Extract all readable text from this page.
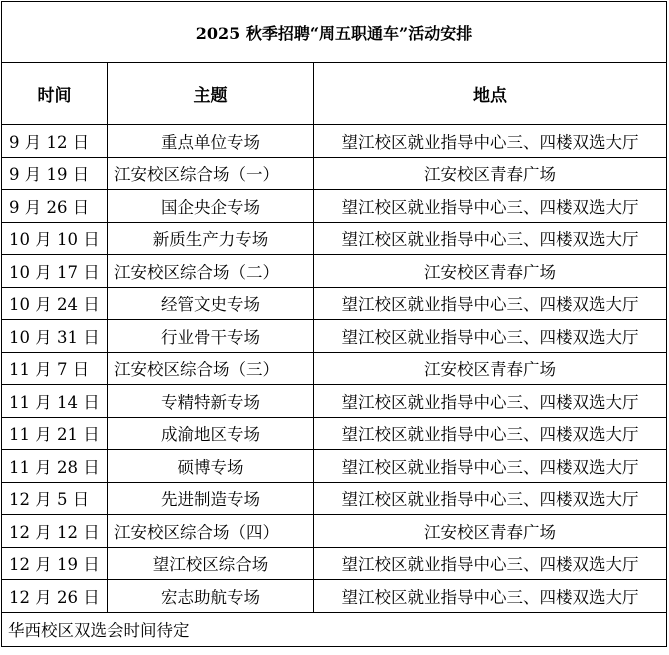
2025 秋季招聘“周五职通车”活动安排		
时间	主题	地点
9 月 12 日	重点单位专场	望江校区就业指导中心三、四楼双选大厅
9 月 19 日	江安校区综合场（一）	江安校区青春广场
9 月 26 日	国企央企专场	望江校区就业指导中心三、四楼双选大厅
10 月 10 日	新质生产力专场	望江校区就业指导中心三、四楼双选大厅
10 月 17 日	江安校区综合场（二）	江安校区青春广场
10 月 24 日	经管文史专场	望江校区就业指导中心三、四楼双选大厅
10 月 31 日	行业骨干专场	望江校区就业指导中心三、四楼双选大厅
11 月 7 日	江安校区综合场（三）	江安校区青春广场
11 月 14 日	专精特新专场	望江校区就业指导中心三、四楼双选大厅
11 月 21 日	成渝地区专场	望江校区就业指导中心三、四楼双选大厅
11 月 28 日	硕博专场	望江校区就业指导中心三、四楼双选大厅
12 月 5 日	先进制造专场	望江校区就业指导中心三、四楼双选大厅
12 月 12 日	江安校区综合场（四）	江安校区青春广场
12 月 19 日	望江校区综合场	望江校区就业指导中心三、四楼双选大厅
12 月 26 日	宏志助航专场	望江校区就业指导中心三、四楼双选大厅
华西校区双选会时间待定		
